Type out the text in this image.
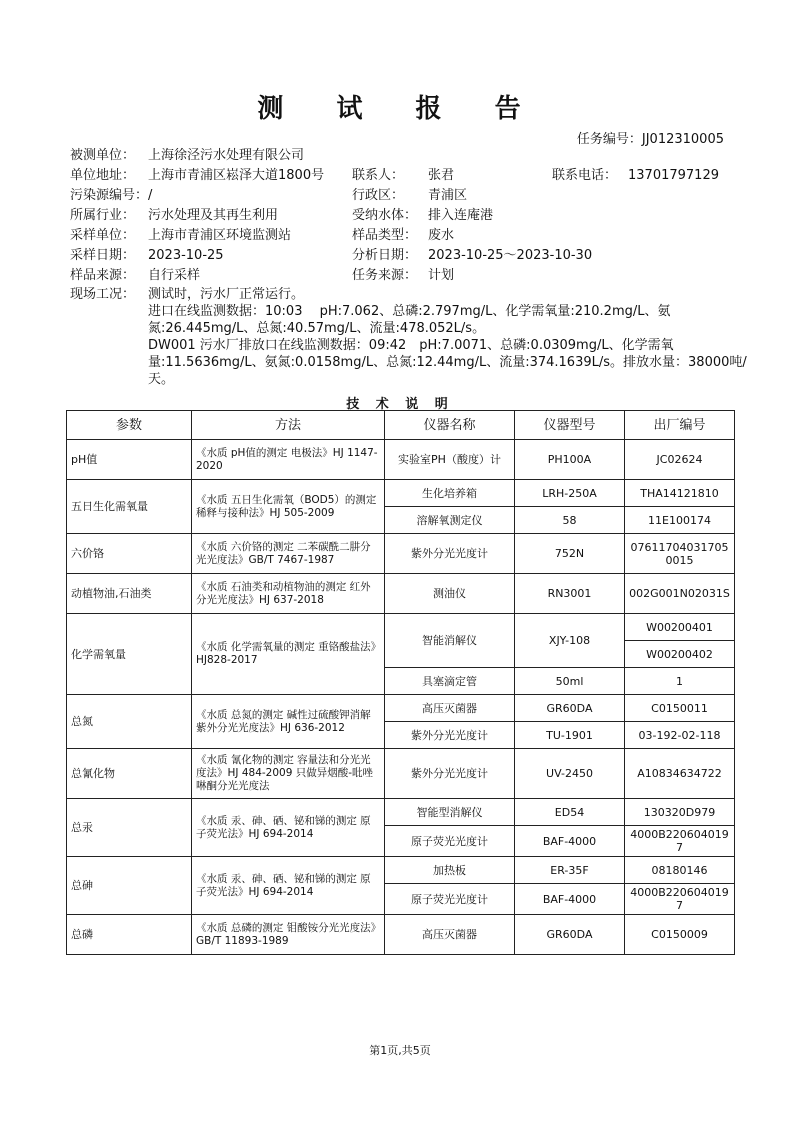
测 试 报 告
任务编号：JJ012310005
被测单位： 上海徐泾污水处理有限公司
单位地址： 上海市青浦区崧泽大道1800号 联系人： 张君	联系电话： 13701797129
污染源编号： /	行政区： 青浦区
所属行业： 污水处理及其再生利用	受纳水体： 排入连庵港
采样单位： 上海市青浦区环境监测站	样品类型： 废水
采样日期： 2023-10-25	分析日期： 2023-10-25～2023-10-30
样品来源： 自行采样	任务来源： 计划
现场工况： 测试时，污水厂正常运行。

进口在线监测数据：10:03　 pH:7.062、总磷:2.797mg/L、化学需氧量:210.2mg/L、氨氮:26.445mg/L、总氮:40.57mg/L、流量:478.052L/s。

DW001 污水厂排放口在线监测数据：09:42　pH:7.0071、总磷:0.0309mg/L、化学需氧量:11.5636mg/L、氨氮:0.0158mg/L、总氮:12.44mg/L、流量:374.1639L/s。排放水量：38000吨/天。

技 术 说 明
参数	方法	仪器名称	仪器型号	出厂编号
pH值	《水质 pH值的测定 电极法》HJ 1147-2020	实验室PH（酸度）计	PH100A	JC02624
五日生化需氧量	《水质 五日生化需氧（BOD5）的测定 稀释与接种法》HJ 505-2009	生化培养箱	LRH-250A	THA14121810
		溶解氧测定仪	58	11E100174
六价铬	《水质 六价铬的测定 二苯碳酰二肼分光光度法》GB/T 7467-1987	紫外分光光度计	752N	076117040317050015
动植物油,石油类	《水质 石油类和动植物油的测定 红外分光光度法》HJ 637-2018	测油仪	RN3001	002G001N02031S
化学需氧量	《水质 化学需氧量的测定 重铬酸盐法》HJ828-2017	智能消解仪	XJY-108	W00200401
				W00200402
		具塞滴定管	50ml	1
总氮	《水质 总氮的测定 碱性过硫酸钾消解紫外分光光度法》HJ 636-2012	高压灭菌器	GR60DA	C0150011
		紫外分光光度计	TU-1901	03-192-02-118
总氰化物	《水质 氰化物的测定 容量法和分光光度法》HJ 484-2009 只做异烟酸-吡唑啉酮分光光度法	紫外分光光度计	UV-2450	A10834634722
总汞	《水质 汞、砷、硒、铋和锑的测定 原子荧光法》HJ 694-2014	智能型消解仪	ED54	130320D979
		原子荧光光度计	BAF-4000	4000B2206040197
总砷	《水质 汞、砷、硒、铋和锑的测定 原子荧光法》HJ 694-2014	加热板	ER-35F	08180146
		原子荧光光度计	BAF-4000	4000B2206040197
总磷	《水质 总磷的测定 钼酸铵分光光度法》GB/T 11893-1989	高压灭菌器	GR60DA	C0150009
第1页,共5页
